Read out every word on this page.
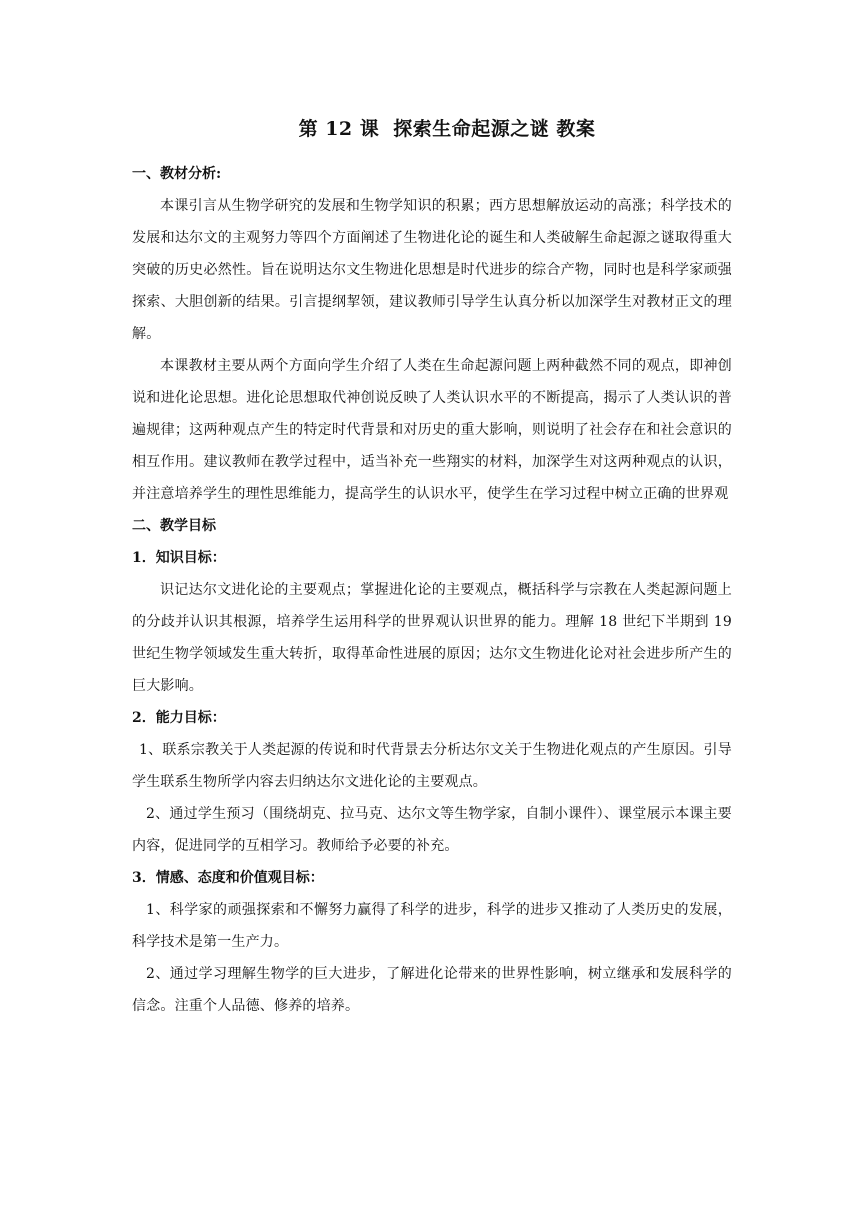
第 12 课 探索生命起源之谜 教案

一、教材分析:

本课引言从生物学研究的发展和生物学知识的积累；西方思想解放运动的高涨；科学技术的发展和达尔文的主观努力等四个方面阐述了生物进化论的诞生和人类破解生命起源之谜取得重大突破的历史必然性。旨在说明达尔文生物进化思想是时代进步的综合产物，同时也是科学家顽强探索、大胆创新的结果。引言提纲挈领，建议教师引导学生认真分析以加深学生对教材正文的理解。

本课教材主要从两个方面向学生介绍了人类在生命起源问题上两种截然不同的观点，即神创说和进化论思想。进化论思想取代神创说反映了人类认识水平的不断提高，揭示了人类认识的普遍规律；这两种观点产生的特定时代背景和对历史的重大影响，则说明了社会存在和社会意识的相互作用。建议教师在教学过程中，适当补充一些翔实的材料，加深学生对这两种观点的认识，并注意培养学生的理性思维能力，提高学生的认识水平，使学生在学习过程中树立正确的世界观

二、教学目标

1．知识目标：

识记达尔文进化论的主要观点；掌握进化论的主要观点，概括科学与宗教在人类起源问题上的分歧并认识其根源，培养学生运用科学的世界观认识世界的能力。理解 18 世纪下半期到 19 世纪生物学领域发生重大转折，取得革命性进展的原因；达尔文生物进化论对社会进步所产生的巨大影响。

2．能力目标：

1、联系宗教关于人类起源的传说和时代背景去分析达尔文关于生物进化观点的产生原因。引导学生联系生物所学内容去归纳达尔文进化论的主要观点。

2、通过学生预习（围绕胡克、拉马克、达尔文等生物学家，自制小课件）、课堂展示本课主要内容，促进同学的互相学习。教师给予必要的补充。

3．情感、态度和价值观目标：

1、科学家的顽强探索和不懈努力赢得了科学的进步，科学的进步又推动了人类历史的发展，科学技术是第一生产力。

2、通过学习理解生物学的巨大进步，了解进化论带来的世界性影响，树立继承和发展科学的信念。注重个人品德、修养的培养。
